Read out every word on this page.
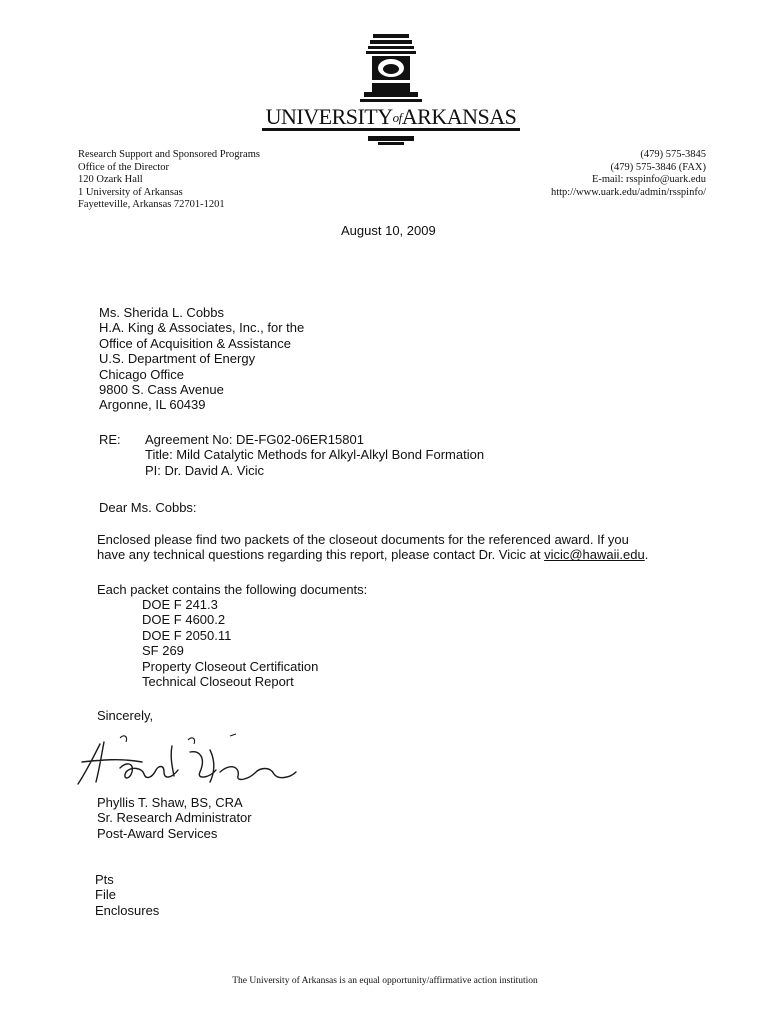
UNIVERSITYofARKANSAS
Research Support and Sponsored Programs
Office of the Director
120 Ozark Hall
1 University of Arkansas
Fayetteville, Arkansas 72701-1201
(479) 575-3845
(479) 575-3846 (FAX)
E-mail: rsspinfo@uark.edu
http://www.uark.edu/admin/rsspinfo/
August 10, 2009
Ms. Sherida L. Cobbs
H.A. King & Associates, Inc., for the
Office of Acquisition & Assistance
U.S. Department of Energy
Chicago Office
9800 S. Cass Avenue
Argonne, IL 60439
RE: Agreement No: DE-FG02-06ER15801
Title: Mild Catalytic Methods for Alkyl-Alkyl Bond Formation
PI: Dr. David A. Vicic
Dear Ms. Cobbs:
Enclosed please find two packets of the closeout documents for the referenced award. If you
have any technical questions regarding this report, please contact Dr. Vicic at vicic@hawaii.edu.
Each packet contains the following documents:
DOE F 241.3
DOE F 4600.2
DOE F 2050.11
SF 269
Property Closeout Certification
Technical Closeout Report
Sincerely,
Phyllis T. Shaw, BS, CRA
Sr. Research Administrator
Post-Award Services
Pts
File
Enclosures
The University of Arkansas is an equal opportunity/affirmative action institution
